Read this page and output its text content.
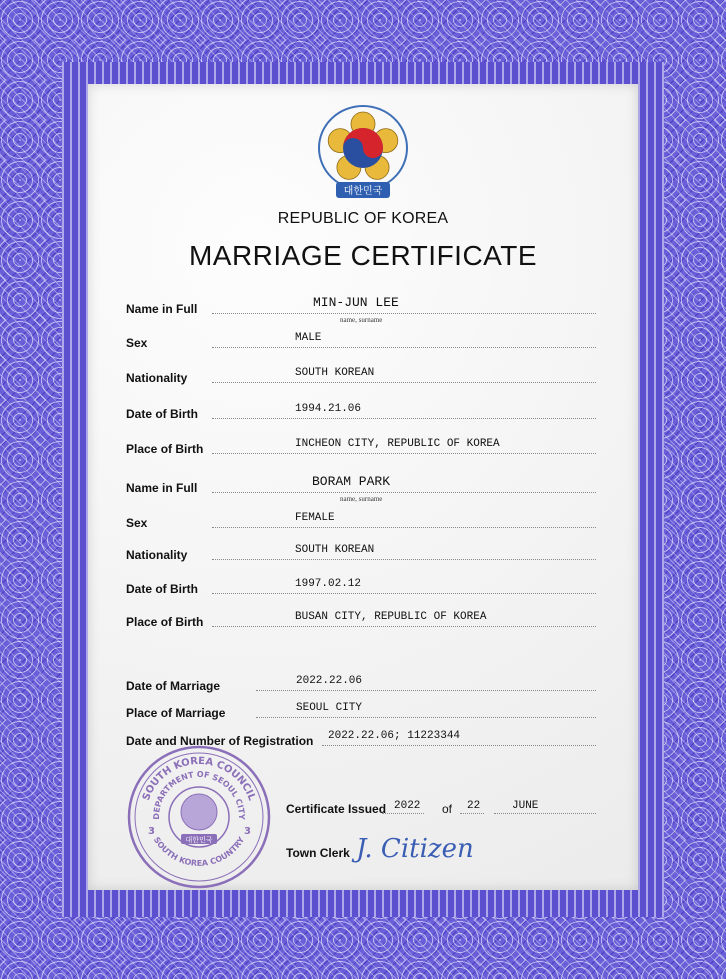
대한민국
REPUBLIC OF KOREA
MARRIAGE CERTIFICATE
Name in Full	MIN-JUN LEE
name, surname
Sex	MALE
Nationality	SOUTH KOREAN
Date of Birth	1994.21.06
Place of Birth	INCHEON CITY, REPUBLIC OF KOREA
Name in Full	BORAM PARK
name, surname
Sex	FEMALE
Nationality	SOUTH KOREAN
Date of Birth	1997.02.12
Place of Birth	BUSAN CITY, REPUBLIC OF KOREA
Date of Marriage	2022.22.06
Place of Marriage	SEOUL CITY
Date and Number of Registration 2022.22.06; 11223344
SOUTH KOREA COUNCIL
DEPARTMENT OF SEOUL CITY
SOUTH KOREA COUNTRY
3	3
대한민국
Certificate Issued 2022 of 22	JUNE
Town Clerk J. Citizen
